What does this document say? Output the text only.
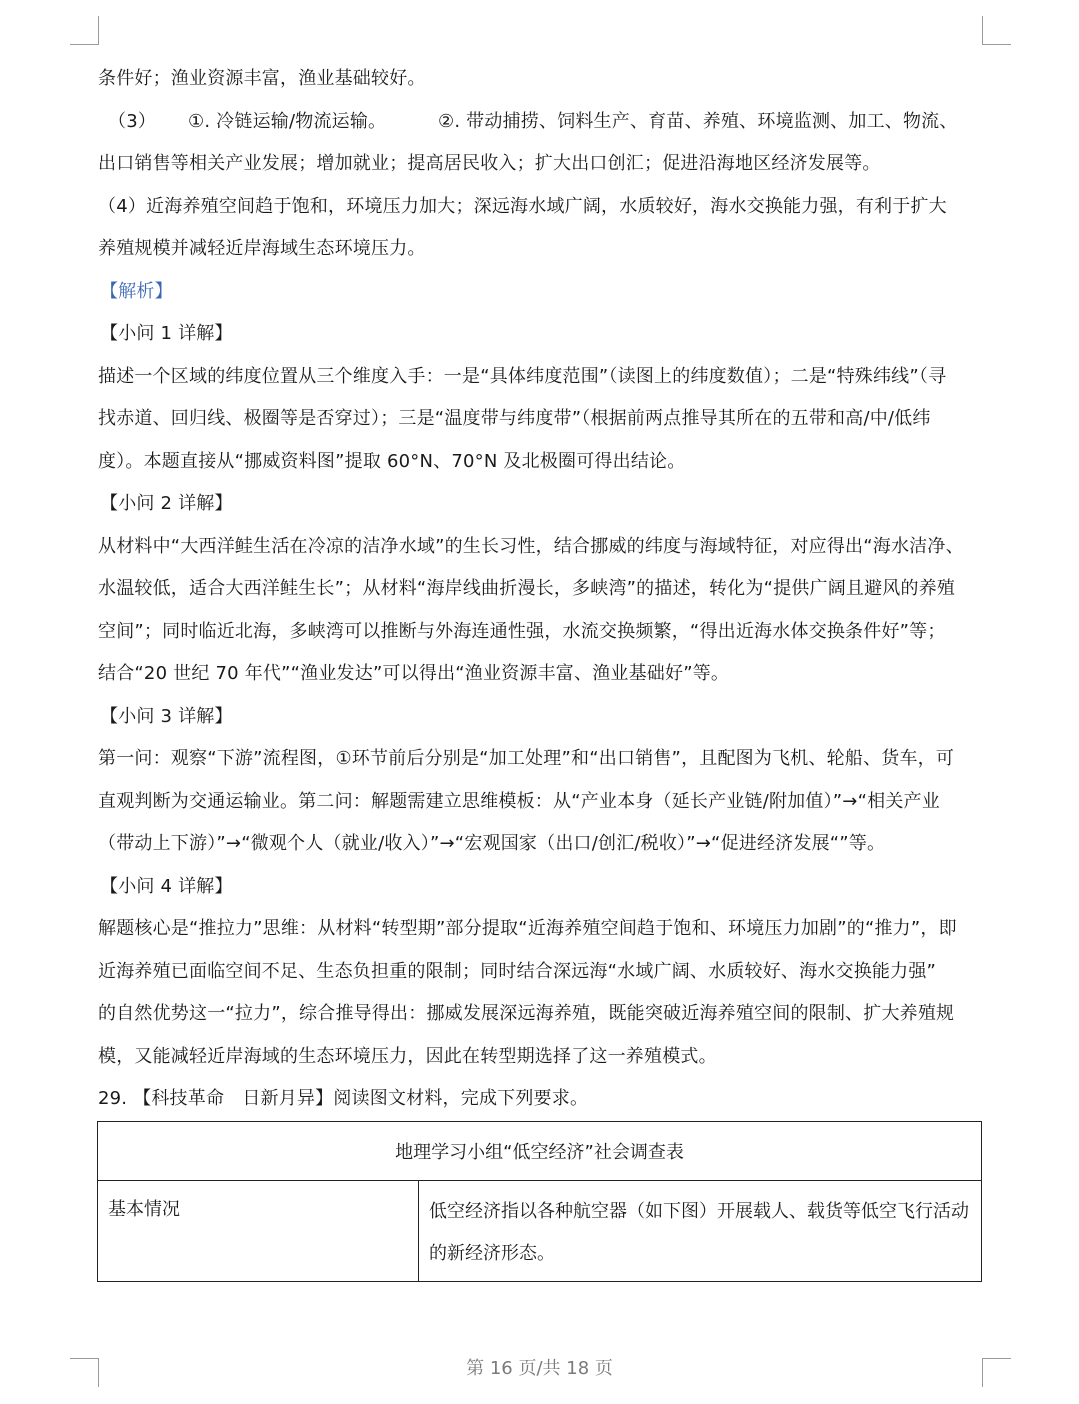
条件好；渔业资源丰富，渔业基础较好。

（3） ①. 冷链运输/物流运输。	②. 带动捕捞、饲料生产、育苗、养殖、环境监测、加工、物流、

出口销售等相关产业发展；增加就业；提高居民收入；扩大出口创汇；促进沿海地区经济发展等。

（4）近海养殖空间趋于饱和，环境压力加大；深远海水域广阔，水质较好，海水交换能力强，有利于扩大

养殖规模并减轻近岸海域生态环境压力。

【解析】

【小问 1 详解】

描述一个区域的纬度位置从三个维度入手：一是“具体纬度范围”（读图上的纬度数值）；二是“特殊纬线”（寻

找赤道、回归线、极圈等是否穿过）；三是“温度带与纬度带”（根据前两点推导其所在的五带和高/中/低纬

度）。本题直接从“挪威资料图”提取 60°N、70°N 及北极圈可得出结论。

【小问 2 详解】

从材料中“大西洋鲑生活在冷凉的洁净水域”的生长习性，结合挪威的纬度与海域特征，对应得出“海水洁净、

水温较低，适合大西洋鲑生长”；从材料“海岸线曲折漫长，多峡湾”的描述，转化为“提供广阔且避风的养殖

空间”；同时临近北海，多峡湾可以推断与外海连通性强，水流交换频繁，“得出近海水体交换条件好”等；

结合“20 世纪 70 年代”“渔业发达”可以得出“渔业资源丰富、渔业基础好”等。

【小问 3 详解】

第一问：观察“下游”流程图，①环节前后分别是“加工处理”和“出口销售”，且配图为飞机、轮船、货车，可

直观判断为交通运输业。第二问：解题需建立思维模板：从“产业本身（延长产业链/附加值）”→“相关产业

（带动上下游）”→“微观个人（就业/收入）”→“宏观国家（出口/创汇/税收）”→“促进经济发展“”等。

【小问 4 详解】

解题核心是“推拉力”思维：从材料“转型期”部分提取“近海养殖空间趋于饱和、环境压力加剧”的“推力”，即

近海养殖已面临空间不足、生态负担重的限制；同时结合深远海“水域广阔、水质较好、海水交换能力强”

的自然优势这一“拉力”，综合推导得出：挪威发展深远海养殖，既能突破近海养殖空间的限制、扩大养殖规

模，又能减轻近岸海域的生态环境压力，因此在转型期选择了这一养殖模式。

29. 【科技革命　日新月异】阅读图文材料，完成下列要求。

地理学习小组“低空经济”社会调查表
基本情况	低空经济指以各种航空器（如下图）开展载人、载货等低空飞行活动的新经济形态。
第 16 页/共 18 页
